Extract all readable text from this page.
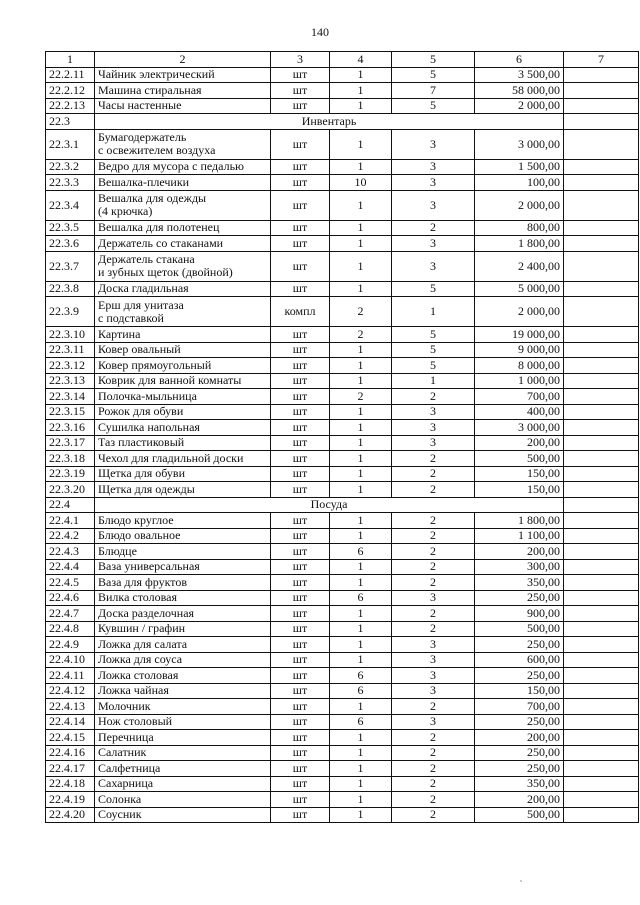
140
1	2	3	4	5	6	7
22.2.11	Чайник электрический	шт	1	5	3 500,00	
22.2.12	Машина стиральная	шт	1	7	58 000,00	
22.2.13	Часы настенные	шт	1	5	2 000,00	
22.3	Инвентарь					
22.3.1	Бумагодержатель
с освежителем воздуха	шт	1	3	3 000,00	
22.3.2	Ведро для мусора с педалью	шт	1	3	1 500,00	
22.3.3	Вешалка-плечики	шт	10	3	100,00	
22.3.4	Вешалка для одежды
(4 крючка)	шт	1	3	2 000,00	
22.3.5	Вешалка для полотенец	шт	1	2	800,00	
22.3.6	Держатель со стаканами	шт	1	3	1 800,00	
22.3.7	Держатель стакана
и зубных щеток (двойной)	шт	1	3	2 400,00	
22.3.8	Доска гладильная	шт	1	5	5 000,00	
22.3.9	Ерш для унитаза
с подставкой	компл	2	1	2 000,00	
22.3.10	Картина	шт	2	5	19 000,00	
22.3.11	Ковер овальный	шт	1	5	9 000,00	
22.3.12	Ковер прямоугольный	шт	1	5	8 000,00	
22.3.13	Коврик для ванной комнаты	шт	1	1	1 000,00	
22.3.14	Полочка-мыльница	шт	2	2	700,00	
22.3.15	Рожок для обуви	шт	1	3	400,00	
22.3.16	Сушилка напольная	шт	1	3	3 000,00	
22.3.17	Таз пластиковый	шт	1	3	200,00	
22.3.18	Чехол для гладильной доски	шт	1	2	500,00	
22.3.19	Щетка для обуви	шт	1	2	150,00	
22.3.20	Щетка для одежды	шт	1	2	150,00	
22.4	Посуда					
22.4.1	Блюдо круглое	шт	1	2	1 800,00	
22.4.2	Блюдо овальное	шт	1	2	1 100,00	
22.4.3	Блюдце	шт	6	2	200,00	
22.4.4	Ваза универсальная	шт	1	2	300,00	
22.4.5	Ваза для фруктов	шт	1	2	350,00	
22.4.6	Вилка столовая	шт	6	3	250,00	
22.4.7	Доска разделочная	шт	1	2	900,00	
22.4.8	Кувшин / графин	шт	1	2	500,00	
22.4.9	Ложка для салата	шт	1	3	250,00	
22.4.10	Ложка для соуса	шт	1	3	600,00	
22.4.11	Ложка столовая	шт	6	3	250,00	
22.4.12	Ложка чайная	шт	6	3	150,00	
22.4.13	Молочник	шт	1	2	700,00	
22.4.14	Нож столовый	шт	6	3	250,00	
22.4.15	Перечница	шт	1	2	200,00	
22.4.16	Салатник	шт	1	2	250,00	
22.4.17	Салфетница	шт	1	2	250,00	
22.4.18	Сахарница	шт	1	2	350,00	
22.4.19	Солонка	шт	1	2	200,00	
22.4.20	Соусник	шт	1	2	500,00	
